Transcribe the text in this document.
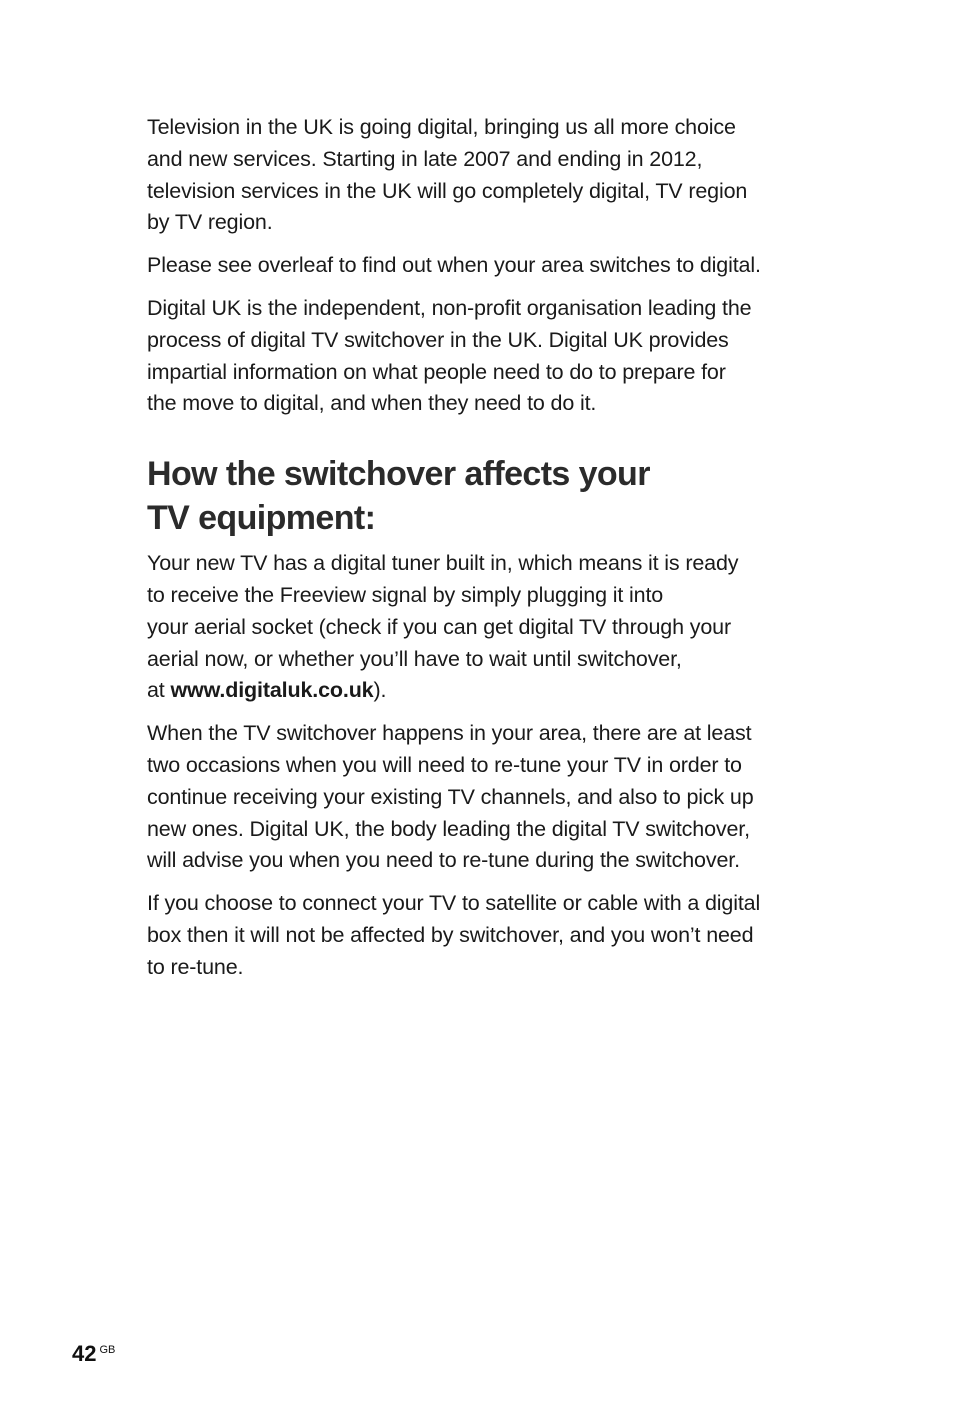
Television in the UK is going digital, bringing us all more choice
and new services. Starting in late 2007 and ending in 2012,
television services in the UK will go completely digital, TV region
by TV region.

Please see overleaf to find out when your area switches to digital.

Digital UK is the independent, non-profit organisation leading the
process of digital TV switchover in the UK. Digital UK provides
impartial information on what people need to do to prepare for
the move to digital, and when they need to do it.

How the switchover affects your
TV equipment:

Your new TV has a digital tuner built in, which means it is ready
to receive the Freeview signal by simply plugging it into
your aerial socket (check if you can get digital TV through your
aerial now, or whether you’ll have to wait until switchover,
at www.digitaluk.co.uk).

When the TV switchover happens in your area, there are at least
two occasions when you will need to re-tune your TV in order to
continue receiving your existing TV channels, and also to pick up
new ones. Digital UK, the body leading the digital TV switchover,
will advise you when you need to re-tune during the switchover.

If you choose to connect your TV to satellite or cable with a digital
box then it will not be affected by switchover, and you won’t need
to re-tune.

42 $^{GB}$
